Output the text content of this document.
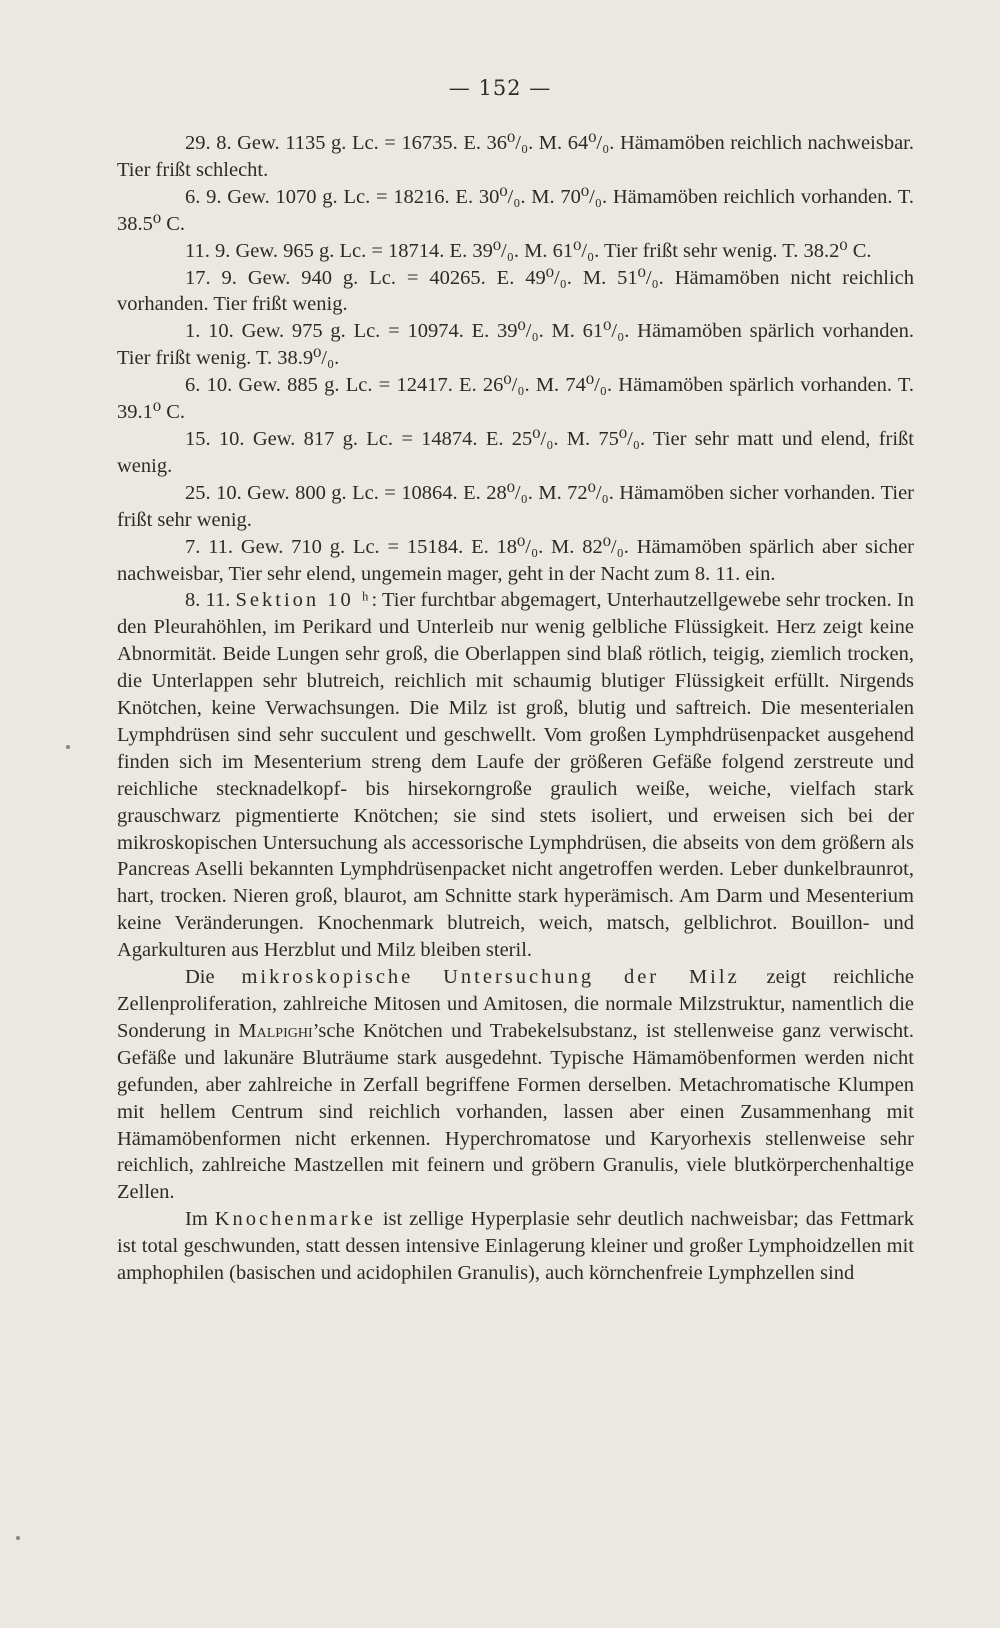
— 152 —

29. 8. Gew. 1135 g. Lc. = 16735. E. 36⁰/₀. M. 64⁰/₀. Hämamöben reichlich nachweisbar. Tier frißt schlecht.

6. 9. Gew. 1070 g. Lc. = 18216. E. 30⁰/₀. M. 70⁰/₀. Hämamöben reichlich vorhanden. T. 38.5⁰ C.

11. 9. Gew. 965 g. Lc. = 18714. E. 39⁰/₀. M. 61⁰/₀. Tier frißt sehr wenig. T. 38.2⁰ C.

17. 9. Gew. 940 g. Lc. = 40265. E. 49⁰/₀. M. 51⁰/₀. Hämamöben nicht reichlich vorhanden. Tier frißt wenig.

1. 10. Gew. 975 g. Lc. = 10974. E. 39⁰/₀. M. 61⁰/₀. Hämamöben spärlich vorhanden. Tier frißt wenig. T. 38.9⁰/₀.

6. 10. Gew. 885 g. Lc. = 12417. E. 26⁰/₀. M. 74⁰/₀. Hämamöben spärlich vorhanden. T. 39.1⁰ C.

15. 10. Gew. 817 g. Lc. = 14874. E. 25⁰/₀. M. 75⁰/₀. Tier sehr matt und elend, frißt wenig.

25. 10. Gew. 800 g. Lc. = 10864. E. 28⁰/₀. M. 72⁰/₀. Hämamöben sicher vorhanden. Tier frißt sehr wenig.

7. 11. Gew. 710 g. Lc. = 15184. E. 18⁰/₀. M. 82⁰/₀. Hämamöben spärlich aber sicher nachweisbar, Tier sehr elend, ungemein mager, geht in der Nacht zum 8. 11. ein.

8. 11. Sektion 10 ʰ: Tier furchtbar abgemagert, Unterhautzellgewebe sehr trocken. In den Pleurahöhlen, im Perikard und Unterleib nur wenig gelbliche Flüssigkeit. Herz zeigt keine Abnormität. Beide Lungen sehr groß, die Oberlappen sind blaß rötlich, teigig, ziemlich trocken, die Unterlappen sehr blutreich, reichlich mit schaumig blutiger Flüssigkeit erfüllt. Nirgends Knötchen, keine Verwachsungen. Die Milz ist groß, blutig und saftreich. Die mesenterialen Lymphdrüsen sind sehr succulent und geschwellt. Vom großen Lymphdrüsenpacket ausgehend finden sich im Mesenterium streng dem Laufe der größeren Gefäße folgend zerstreute und reichliche stecknadelkopf- bis hirsekorngroße graulich weiße, weiche, vielfach stark grauschwarz pigmentierte Knötchen; sie sind stets isoliert, und erweisen sich bei der mikroskopischen Untersuchung als accessorische Lymphdrüsen, die abseits von dem größern als Pancreas Aselli bekannten Lymphdrüsenpacket nicht angetroffen werden. Leber dunkelbraunrot, hart, trocken. Nieren groß, blaurot, am Schnitte stark hyperämisch. Am Darm und Mesenterium keine Veränderungen. Knochenmark blutreich, weich, matsch, gelblichrot. Bouillon- und Agarkulturen aus Herzblut und Milz bleiben steril.

Die mikroskopische Untersuchung der Milz zeigt reichliche Zellenproliferation, zahlreiche Mitosen und Amitosen, die normale Milzstruktur, namentlich die Sonderung in Malpighi’sche Knötchen und Trabekelsubstanz, ist stellenweise ganz verwischt. Gefäße und lakunäre Bluträume stark ausgedehnt. Typische Hämamöbenformen werden nicht gefunden, aber zahlreiche in Zerfall begriffene Formen derselben. Metachromatische Klumpen mit hellem Centrum sind reichlich vorhanden, lassen aber einen Zusammenhang mit Hämamöbenformen nicht erkennen. Hyperchromatose und Karyorhexis stellenweise sehr reichlich, zahlreiche Mastzellen mit feinern und gröbern Granulis, viele blutkörperchenhaltige Zellen.

Im Knochenmarke ist zellige Hyperplasie sehr deutlich nachweisbar; das Fettmark ist total geschwunden, statt dessen intensive Einlagerung kleiner und großer Lymphoidzellen mit amphophilen (basischen und acidophilen Granulis), auch körnchenfreie Lymphzellen sind
